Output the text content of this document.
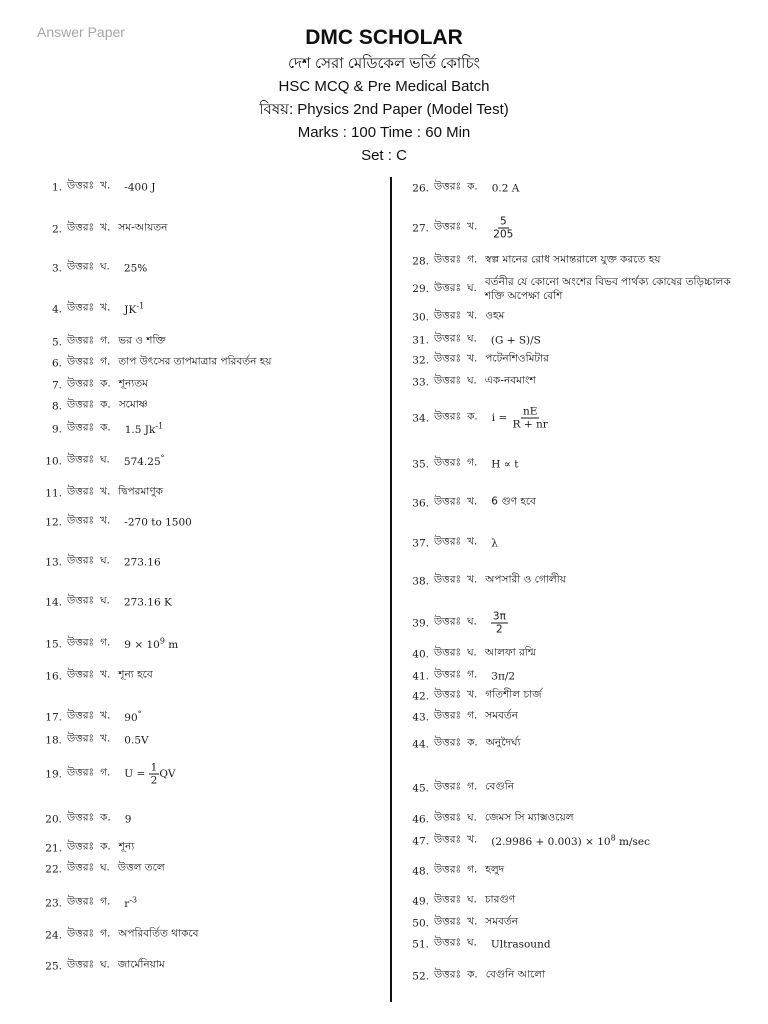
Answer Paper	DMC SCHOLAR
দেশ সেরা মেডিকেল ভর্তি কোচিং
HSC MCQ & Pre Medical Batch
বিষয়: Physics 2nd Paper (Model Test)
Marks : 100 Time : 60 Min
Set : C
1. উত্তরঃ খ. -400 J
2. উত্তরঃ খ. সম-আয়তন
3. উত্তরঃ ঘ. 25%
4. উত্তরঃ খ. $JK^{-1}$
5. উত্তরঃ গ. ভর ও শক্তি
6. উত্তরঃ গ. তাপ উৎসের তাপমাত্রার পরিবর্তন হয়
7. উত্তরঃ ক. শূন্যতম
8. উত্তরঃ ক. সমোষ্ণ
9. উত্তরঃ ক. 1.5 $Jk^{-1}$
10. উত্তরঃ ঘ. 574.25°
11. উত্তরঃ খ. দ্বিপরমাণুক
12. উত্তরঃ খ. -270 to 1500
13. উত্তরঃ ঘ. 273.16
14. উত্তরঃ ঘ. 273.16 K
15. উত্তরঃ গ. $9 \times 10^9$ m
16. উত্তরঃ খ. শূন্য হবে
17. উত্তরঃ খ. 90°
18. উত্তরঃ খ. 0.5V
19. উত্তরঃ গ. $U = \frac{1}{2}$ QV
20. উত্তরঃ ক. 9
21. উত্তরঃ ক. শূন্য
22. উত্তরঃ ঘ. উত্তল তলে
23. উত্তরঃ গ. $r^{-3}$
24. উত্তরঃ গ. অপরিবর্তিত থাকবে
25. উত্তরঃ ঘ. জার্মেনিয়াম
26. উত্তরঃ ক. 0.2 A
27. উত্তরঃ খ. $\frac{5}{205}$
28. উত্তরঃ গ. স্বল্প মানের রোধ সমান্তরালে যুক্ত করতে হয়
29. উত্তরঃ ঘ. বর্তনীর যে কোনো অংশের বিভব পার্থক্য কোষের তড়িচ্চালক
শক্তি অপেক্ষা বেশি
30. উত্তরঃ খ. ওহম
31. উত্তরঃ ঘ. (G + S)/S
32. উত্তরঃ খ. পটেনশিওমিটার
33. উত্তরঃ ঘ. এক-নবমাংশ
34. উত্তরঃ ক. $i = \frac{nE}{R + nr}$
35. উত্তরঃ গ. H ∝ t
36. উত্তরঃ খ. 6 গুণ হবে
37. উত্তরঃ খ. λ
38. উত্তরঃ খ. অপসারী ও গোলীয়
39. উত্তরঃ ঘ. $\frac{3\pi}{2}$
40. উত্তরঃ ঘ. আলফা রশ্মি
41. উত্তরঃ গ. 3π/2
42. উত্তরঃ খ. গতিশীল চার্জ
43. উত্তরঃ গ. সমবর্তন
44. উত্তরঃ ক. অনুদৈর্ঘ্য
45. উত্তরঃ গ. বেগুনি
46. উত্তরঃ ঘ. জেমস সি ম্যাক্সওয়েল
47. উত্তরঃ খ. $(2.9986 + 0.003) \times 10^8$ m/sec
48. উত্তরঃ গ. হলুদ
49. উত্তরঃ ঘ. চারগুণ
50. উত্তরঃ খ. সমবর্তন
51. উত্তরঃ ঘ. Ultrasound
52. উত্তরঃ ক. বেগুনি আলো
